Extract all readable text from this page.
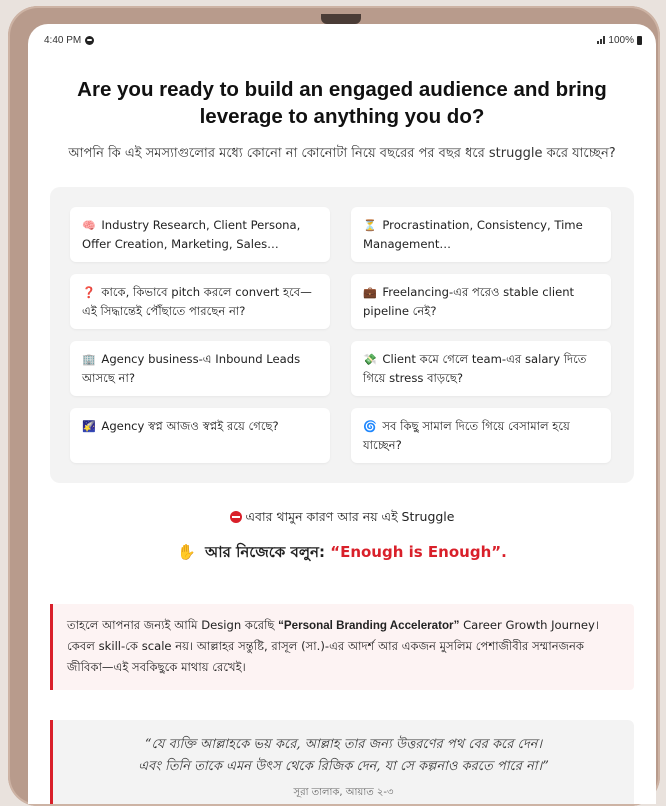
4:40 PM	100%
Are you ready to build an engaged audience and bring leverage to anything you do?

আপনি কি এই সমস্যাগুলোর মধ্যে কোনো না কোনোটা নিয়ে বছরের পর বছর ধরে struggle করে যাচ্ছেন?

🧠 Industry Research, Client Persona, Offer Creation, Marketing, Sales…
⏳ Procrastination, Consistency, Time Management…
❓ কাকে, কিভাবে pitch করলে convert হবে—এই সিদ্ধান্তেই পৌঁছাতে পারছেন না?
💼 Freelancing-এর পরেও stable client pipeline নেই?
🏢 Agency business-এ Inbound Leads আসছে না?
💸 Client কমে গেলে team-এর salary দিতে গিয়ে stress বাড়ছে?
🌠 Agency স্বপ্ন আজও স্বপ্নই রয়ে গেছে?	🌀 সব কিছু সামাল দিতে গিয়ে বেসামাল হয়ে যাচ্ছেন?

এবার থামুন কারণ আর নয় এই Struggle

✋ আর নিজেকে বলুন: “Enough is Enough”.

তাহলে আপনার জন্যই আমি Design করেছি “Personal Branding Accelerator” Career Growth Journey। কেবল skill-কে scale নয়। আল্লাহর সন্তুষ্টি, রাসূল (সা.)-এর আদর্শ আর একজন মুসলিম পেশাজীবীর সম্মানজনক জীবিকা—এই সবকিছুকে মাথায় রেখেই।
“যে ব্যক্তি আল্লাহকে ভয় করে, আল্লাহ তার জন্য উত্তরণের পথ বের করে দেন।
এবং তিনি তাকে এমন উৎস থেকে রিজিক দেন, যা সে কল্পনাও করতে পারে না।”
সূরা তালাক, আয়াত ২-৩
